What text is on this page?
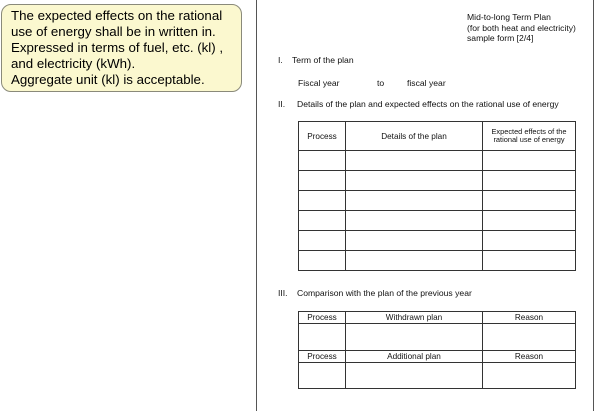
The expected effects on the rational
use of energy shall be in written in.
Expressed in terms of fuel, etc. (kl) ,
and electricity (kWh).
Aggregate unit (kl) is acceptable.
Mid-to-long Term Plan
(for both heat and electricity)
sample form [2/4]
I. Term of the plan
Fiscal year	to	fiscal year
II. Details of the plan and expected effects on the rational use of energy
Process	Details of the plan	Expected effects of the rational use of energy

III. Comparison with the plan of the previous year
Process	Withdrawn plan	Reason

Process	Additional plan	Reason
